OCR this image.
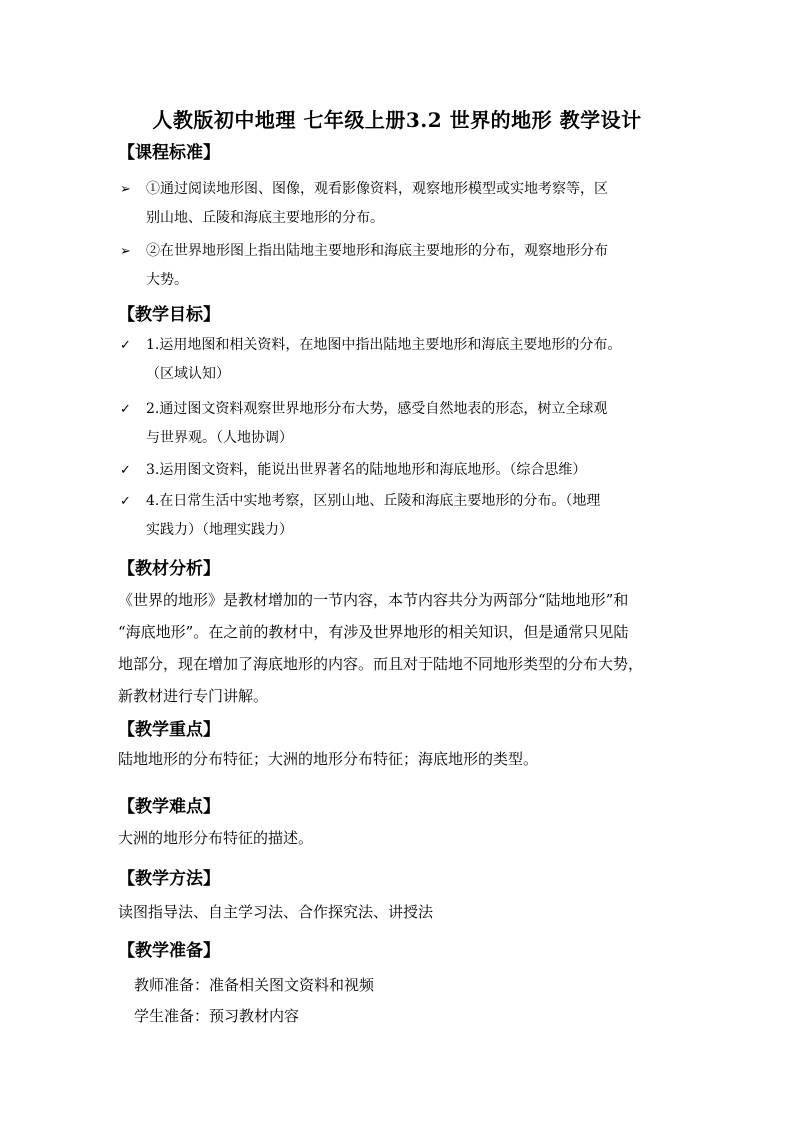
人教版初中地理 七年级上册3.2 世界的地形 教学设计
【课程标准】
➢	①通过阅读地形图、图像，观看影像资料，观察地形模型或实地考察等，区
别山地、丘陵和海底主要地形的分布。
➢	②在世界地形图上指出陆地主要地形和海底主要地形的分布，观察地形分布
大势。
【教学目标】
✓	1.运用地图和相关资料，在地图中指出陆地主要地形和海底主要地形的分布。
（区域认知）
✓	2.通过图文资料观察世界地形分布大势，感受自然地表的形态，树立全球观
与世界观。（人地协调）
✓	3.运用图文资料，能说出世界著名的陆地地形和海底地形。（综合思维）
✓	4.在日常生活中实地考察，区别山地、丘陵和海底主要地形的分布。（地理
实践力）（地理实践力）
【教材分析】
《世界的地形》是教材增加的一节内容，本节内容共分为两部分“陆地地形”和
“海底地形”。在之前的教材中，有涉及世界地形的相关知识，但是通常只见陆
地部分，现在增加了海底地形的内容。而且对于陆地不同地形类型的分布大势，
新教材进行专门讲解。
【教学重点】
陆地地形的分布特征；大洲的地形分布特征；海底地形的类型。
【教学难点】
大洲的地形分布特征的描述。
【教学方法】
读图指导法、自主学习法、合作探究法、讲授法
【教学准备】
教师准备：准备相关图文资料和视频
学生准备：预习教材内容
